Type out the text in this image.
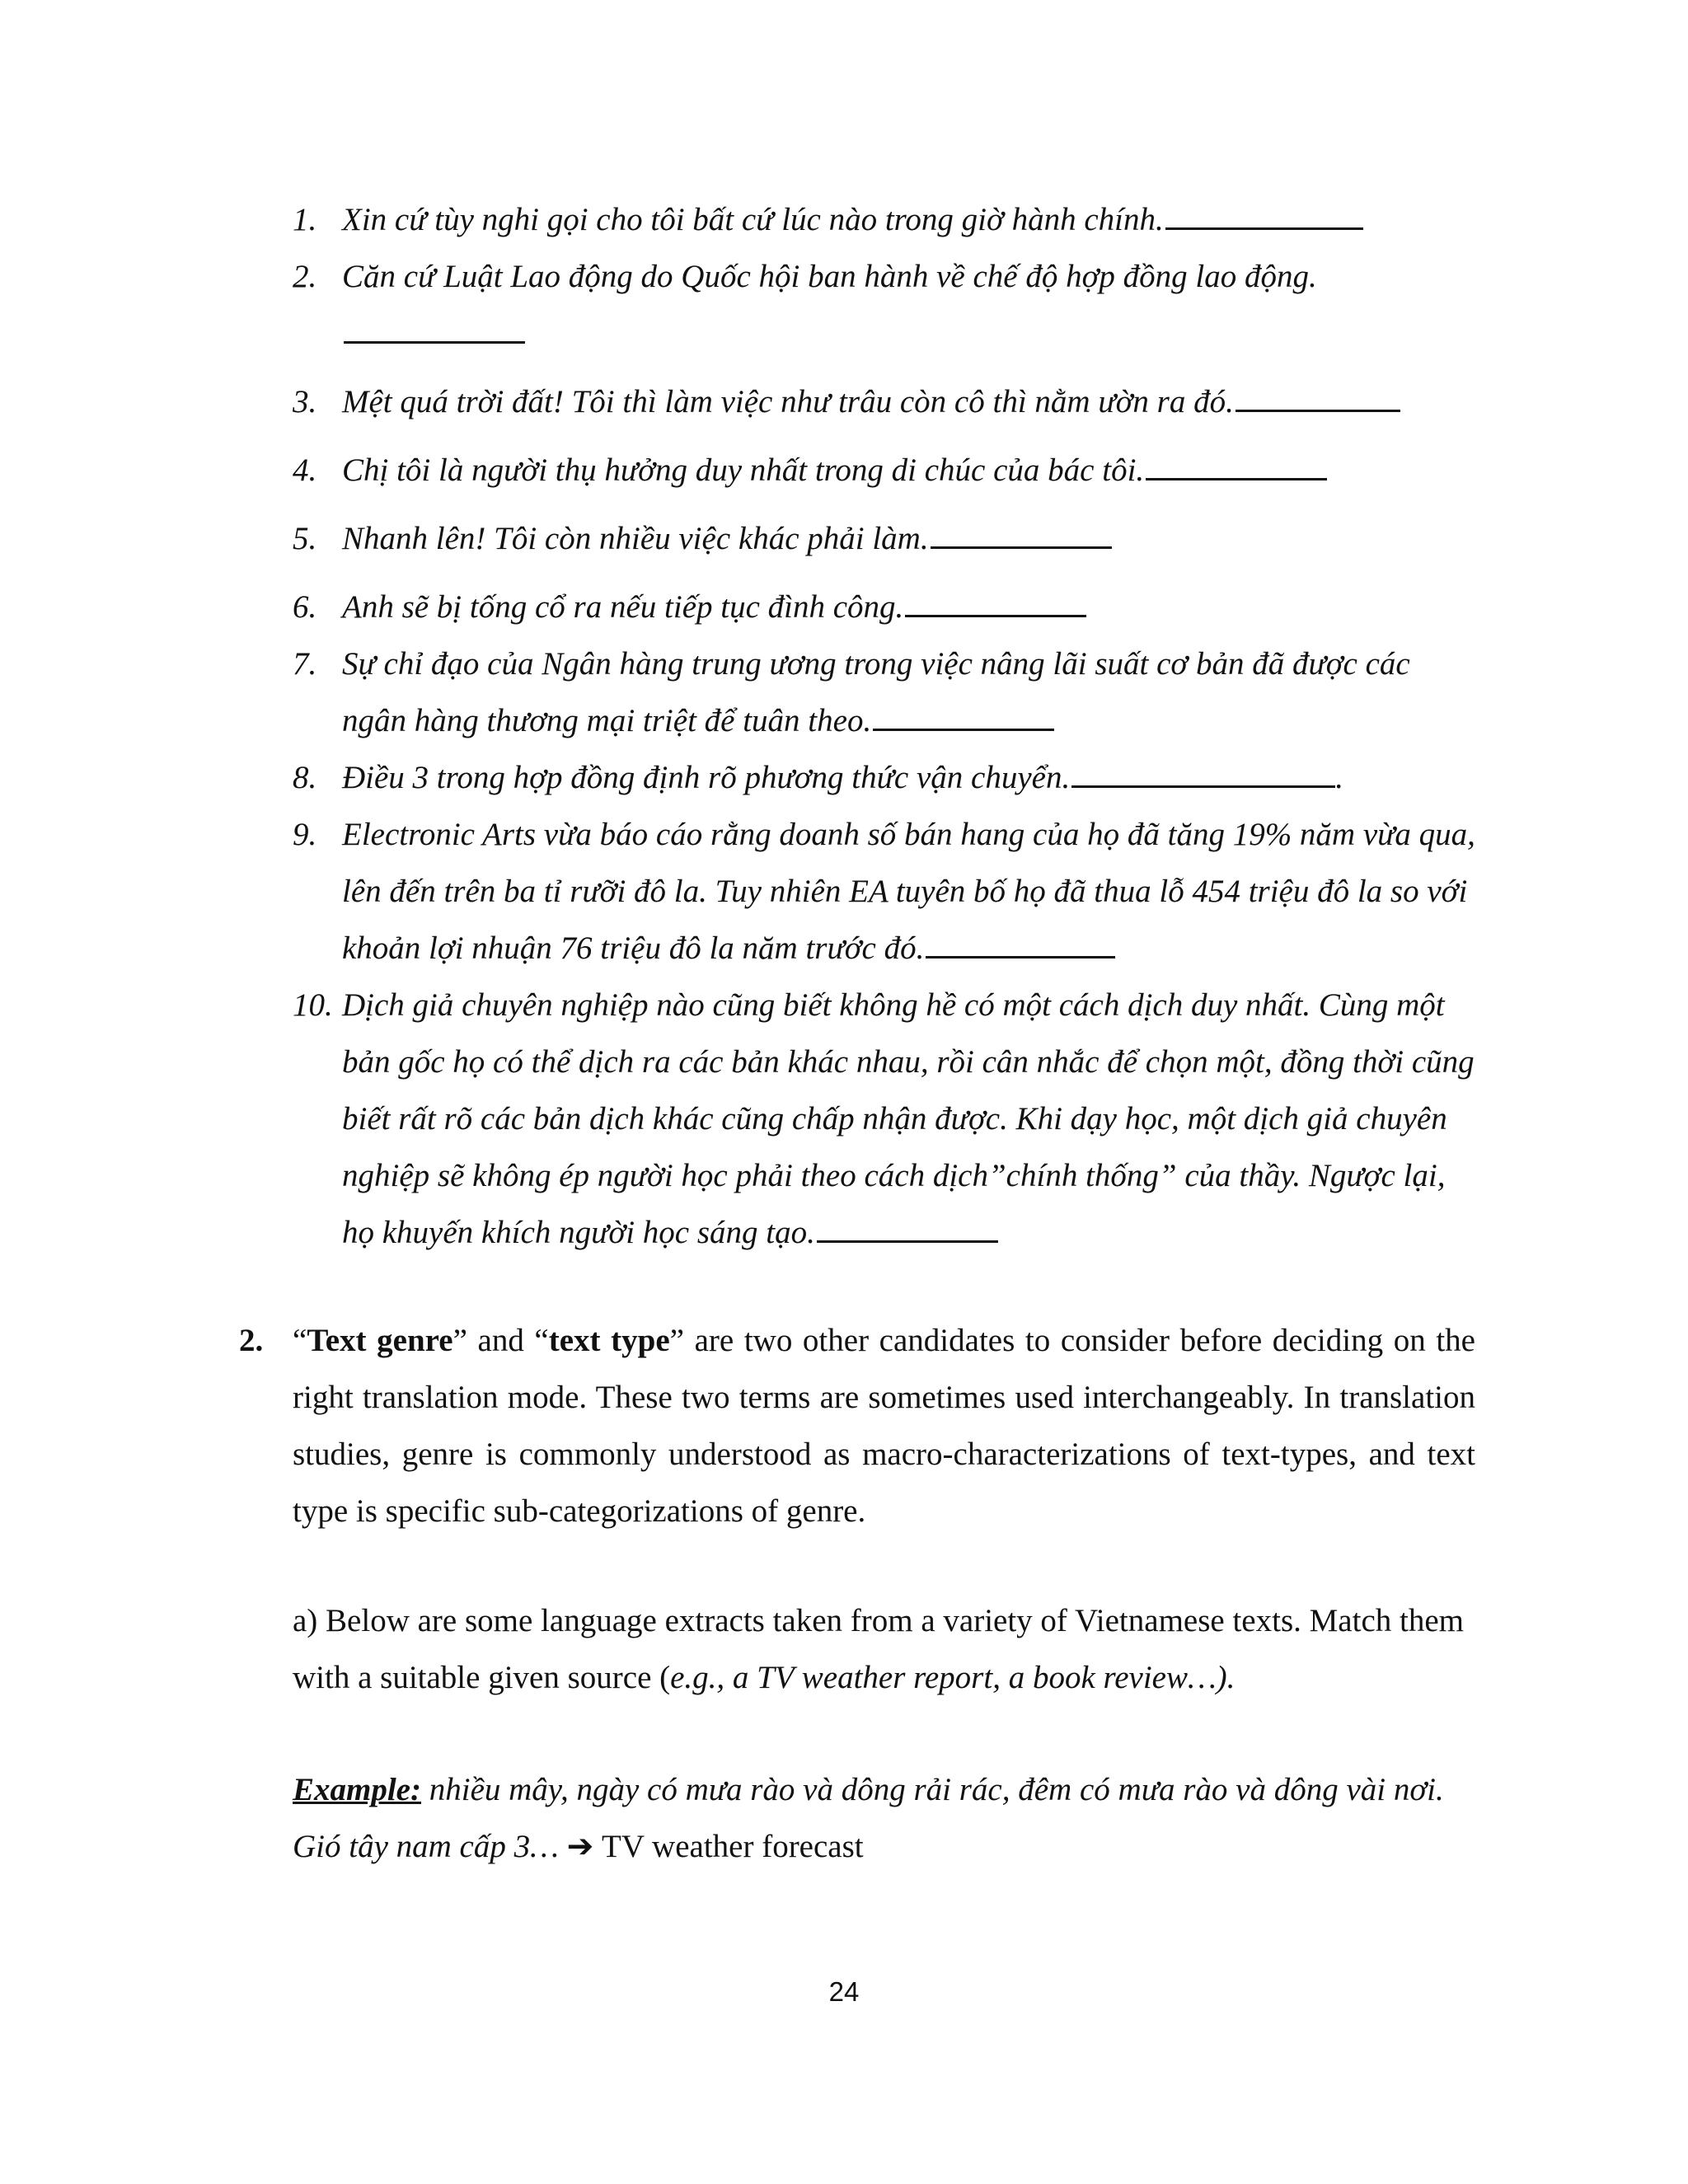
1. Xin cứ tùy nghi gọi cho tôi bất cứ lúc nào trong giờ hành chính.
2. Căn cứ Luật Lao động do Quốc hội ban hành về chế độ hợp đồng lao động.
3. Mệt quá trời đất! Tôi thì làm việc như trâu còn cô thì nằm ườn ra đó.
4. Chị tôi là người thụ hưởng duy nhất trong di chúc của bác tôi.
5. Nhanh lên! Tôi còn nhiều việc khác phải làm.
6. Anh sẽ bị tống cổ ra nếu tiếp tục đình công.
7. Sự chỉ đạo của Ngân hàng trung ương trong việc nâng lãi suất cơ bản đã được các ngân hàng thương mại triệt để tuân theo.
8. Điều 3 trong hợp đồng định rõ phương thức vận chuyển.	.
9. Electronic Arts vừa báo cáo rằng doanh số bán hang của họ đã tăng 19% năm vừa qua, lên đến trên ba tỉ rưỡi đô la. Tuy nhiên EA tuyên bố họ đã thua lỗ 454 triệu đô la so với khoản lợi nhuận 76 triệu đô la năm trước đó.
10. Dịch giả chuyên nghiệp nào cũng biết không hề có một cách dịch duy nhất. Cùng một bản gốc họ có thể dịch ra các bản khác nhau, rồi cân nhắc để chọn một, đồng thời cũng biết rất rõ các bản dịch khác cũng chấp nhận được. Khi dạy học, một dịch giả chuyên nghiệp sẽ không ép người học phải theo cách dịch”chính thống” của thầy. Ngược lại, họ khuyến khích người học sáng tạo.
2. “Text genre” and “text type” are two other candidates to consider before deciding on the right translation mode. These two terms are sometimes used interchangeably. In translation studies, genre is commonly understood as macro-characterizations of text-types, and text type is specific sub-categorizations of genre.
a) Below are some language extracts taken from a variety of Vietnamese texts. Match them with a suitable given source (e.g., a TV weather report, a book review…).
Example: nhiều mây, ngày có mưa rào và dông rải rác, đêm có mưa rào và dông vài nơi. Gió tây nam cấp 3… ➔ TV weather forecast
24
